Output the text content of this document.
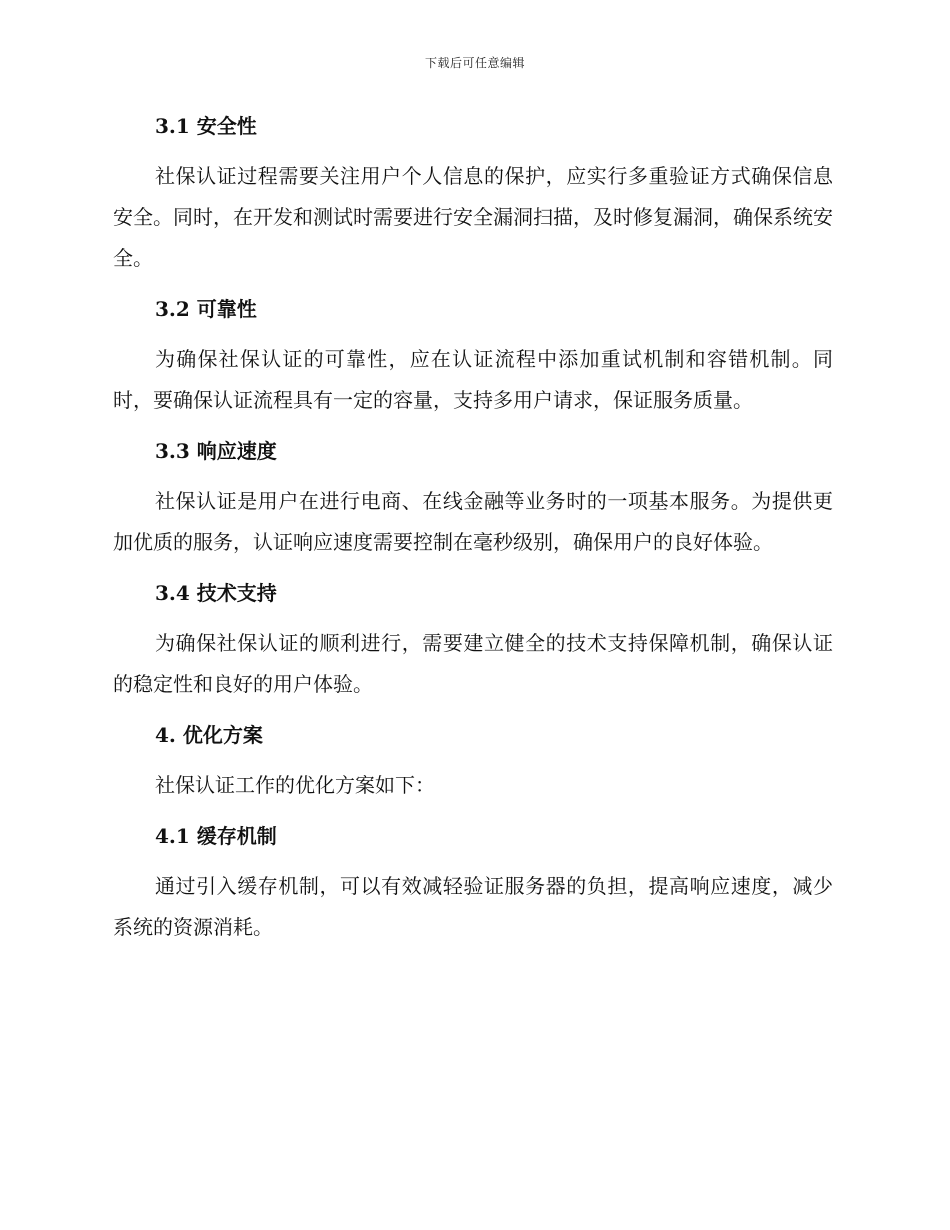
下载后可任意编辑
3.1 安全性

社保认证过程需要关注用户个人信息的保护，应实行多重验证方式确保信息安全。同时，在开发和测试时需要进行安全漏洞扫描，及时修复漏洞，确保系统安全。

3.2 可靠性

为确保社保认证的可靠性，应在认证流程中添加重试机制和容错机制。同时，要确保认证流程具有一定的容量，支持多用户请求，保证服务质量。

3.3 响应速度

社保认证是用户在进行电商、在线金融等业务时的一项基本服务。为提供更加优质的服务，认证响应速度需要控制在毫秒级别，确保用户的良好体验。

3.4 技术支持

为确保社保认证的顺利进行，需要建立健全的技术支持保障机制，确保认证的稳定性和良好的用户体验。

4. 优化方案

社保认证工作的优化方案如下：

4.1 缓存机制

通过引入缓存机制，可以有效减轻验证服务器的负担，提高响应速度，减少系统的资源消耗。
